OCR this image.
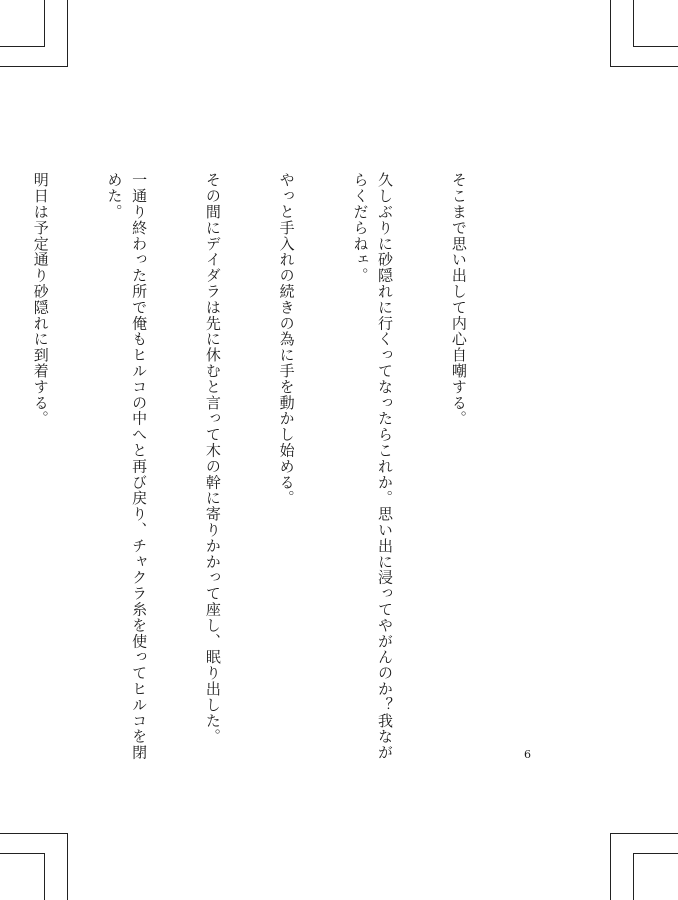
そこまで思い出して内心自嘲する。

久しぶりに砂隠れに行くってなったらこれか。思い出に浸ってやがんのか？我なが
らくだらねェ。

やっと手入れの続きの為に手を動かし始める。

その間にデイダラは先に休むと言って木の幹に寄りかかって座し、眠り出した。

一通り終わった所で俺もヒルコの中へと再び戻り、チャクラ糸を使ってヒルコを閉
めた。

明日は予定通り砂隠れに到着する。

6
